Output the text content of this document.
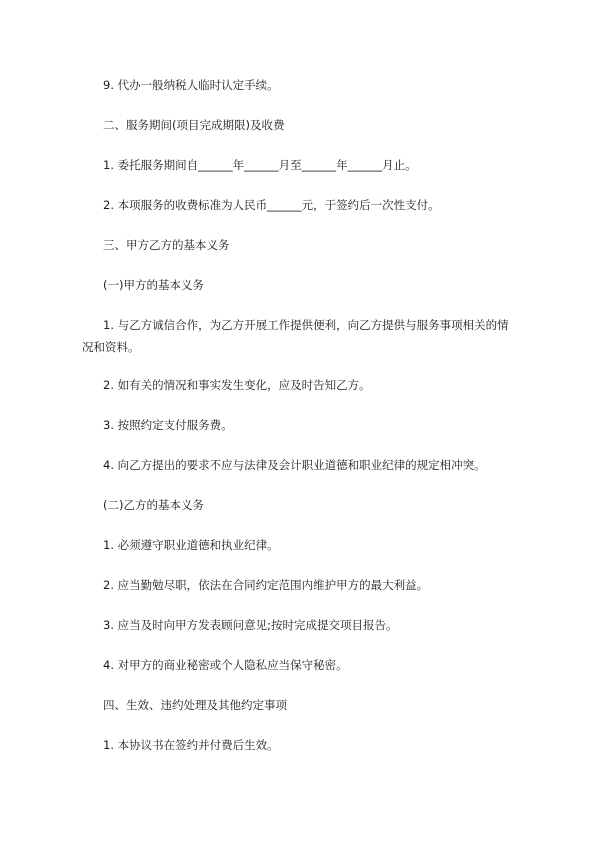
9. 代办一般纳税人临时认定手续。
二、服务期间(项目完成期限)及收费
1. 委托服务期间自______年______月至______年______月止。
2. 本项服务的收费标准为人民币______元，于签约后一次性支付。
三、甲方乙方的基本义务
(一)甲方的基本义务
1. 与乙方诚信合作，为乙方开展工作提供便利，向乙方提供与服务事项相关的情
况和资料。
2. 如有关的情况和事实发生变化，应及时告知乙方。
3. 按照约定支付服务费。
4. 向乙方提出的要求不应与法律及会计职业道德和职业纪律的规定相冲突。
(二)乙方的基本义务
1. 必须遵守职业道德和执业纪律。
2. 应当勤勉尽职，依法在合同约定范围内维护甲方的最大利益。
3. 应当及时向甲方发表顾问意见;按时完成提交项目报告。
4. 对甲方的商业秘密或个人隐私应当保守秘密。
四、生效、违约处理及其他约定事项
1. 本协议书在签约并付费后生效。
